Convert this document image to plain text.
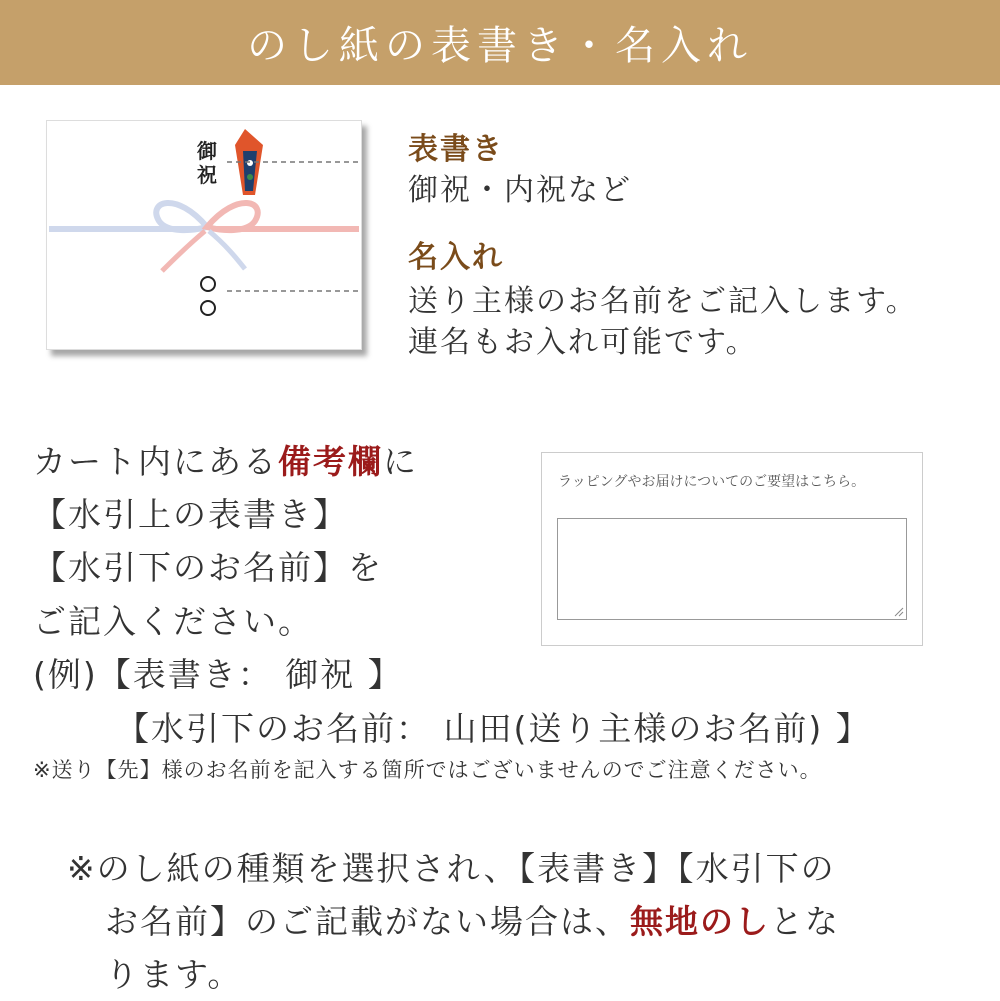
のし紙の表書き・名入れ
御祝
表書き
御祝・内祝など
名入れ
送り主様のお名前をご記入します。
連名もお入れ可能です。
カート内にある備考欄に
【水引上の表書き】
【水引下のお名前】を
ご記入ください。
(例)【表書き： 御祝 】
【水引下のお名前： 山田(送り主様のお名前) 】
※送り【先】様のお名前を記入する箇所ではございませんのでご注意ください。
ラッピングやお届けについてのご要望はこちら。
※のし紙の種類を選択され、【表書き】【水引下の
お名前】のご記載がない場合は、無地のしとな
ります。
